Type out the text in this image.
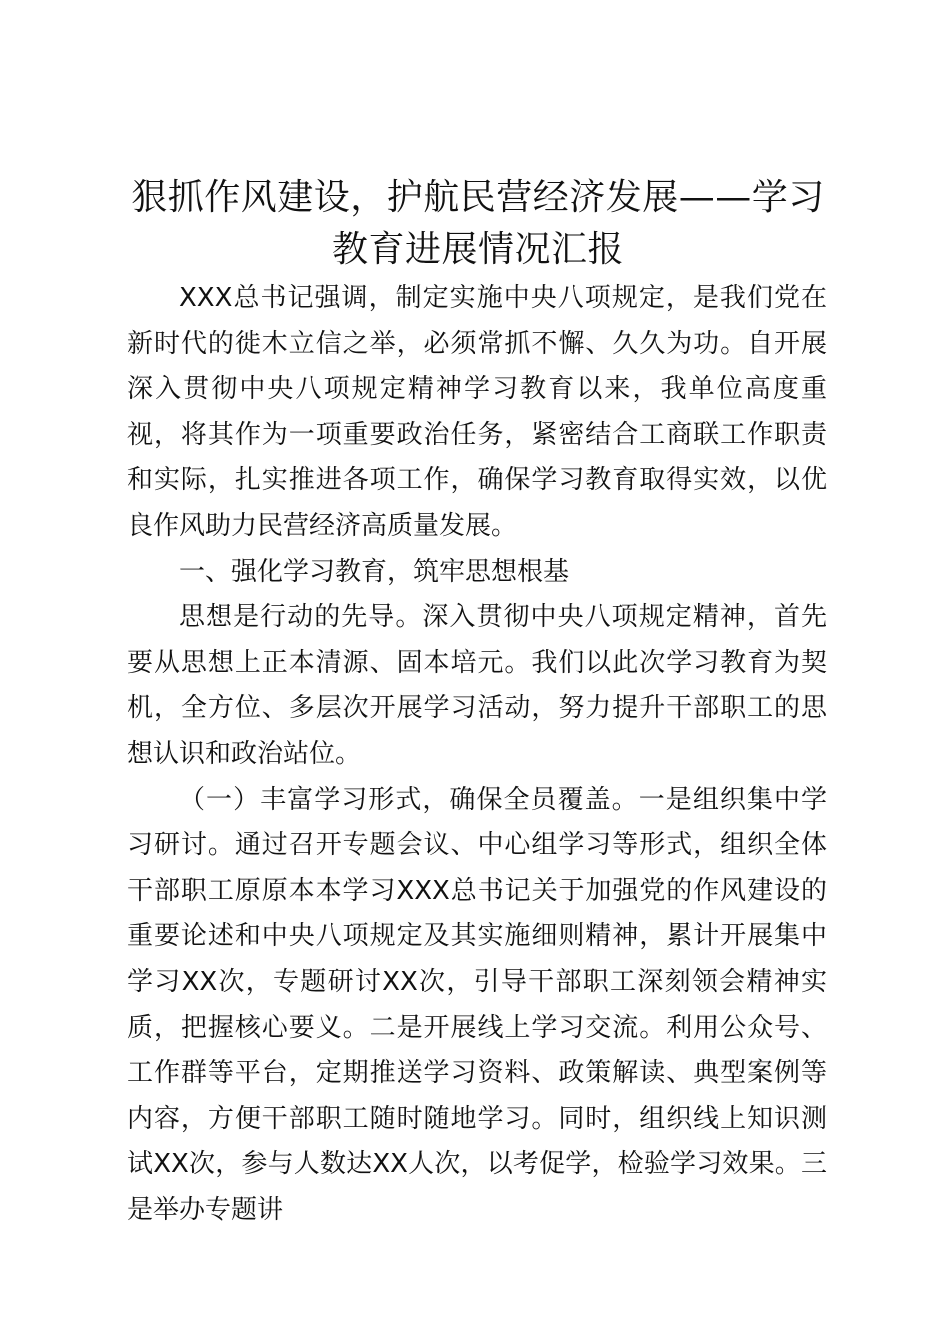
狠抓作风建设，护航民营经济发展——学习教育进展情况汇报

XXX总书记强调，制定实施中央八项规定，是我们党在新时代的徙木立信之举，必须常抓不懈、久久为功。自开展深入贯彻中央八项规定精神学习教育以来，我单位高度重视，将其作为一项重要政治任务，紧密结合工商联工作职责和实际，扎实推进各项工作，确保学习教育取得实效，以优良作风助力民营经济高质量发展。

一、强化学习教育，筑牢思想根基

思想是行动的先导。深入贯彻中央八项规定精神，首先要从思想上正本清源、固本培元。我们以此次学习教育为契机，全方位、多层次开展学习活动，努力提升干部职工的思想认识和政治站位。

（一）丰富学习形式，确保全员覆盖。一是组织集中学习研讨。通过召开专题会议、中心组学习等形式，组织全体干部职工原原本本学习XXX总书记关于加强党的作风建设的重要论述和中央八项规定及其实施细则精神，累计开展集中学习XX次，专题研讨XX次，引导干部职工深刻领会精神实质，把握核心要义。二是开展线上学习交流。利用公众号、工作群等平台，定期推送学习资料、政策解读、典型案例等内容，方便干部职工随时随地学习。同时，组织线上知识测试XX次，参与人数达XX人次，以考促学，检验学习效果。三是举办专题讲
